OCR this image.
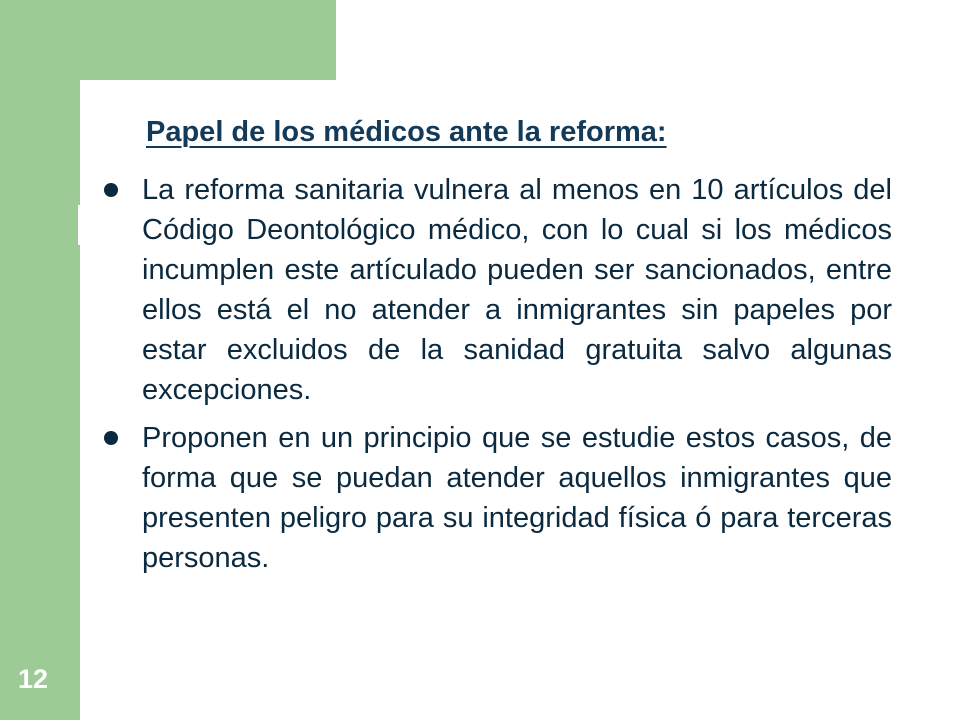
12
Papel de los médicos ante la reforma:
La reforma sanitaria vulnera al menos en 10 artículos del Código Deontológico médico, con lo cual si los médicos incumplen este artículado pueden ser sancionados, entre ellos está el no atender a inmigrantes sin papeles por estar excluidos de la sanidad gratuita salvo algunas excepciones.
Proponen en un principio que se estudie estos casos, de forma que se puedan atender aquellos inmigrantes que presenten peligro para su integridad física ó para terceras personas.
